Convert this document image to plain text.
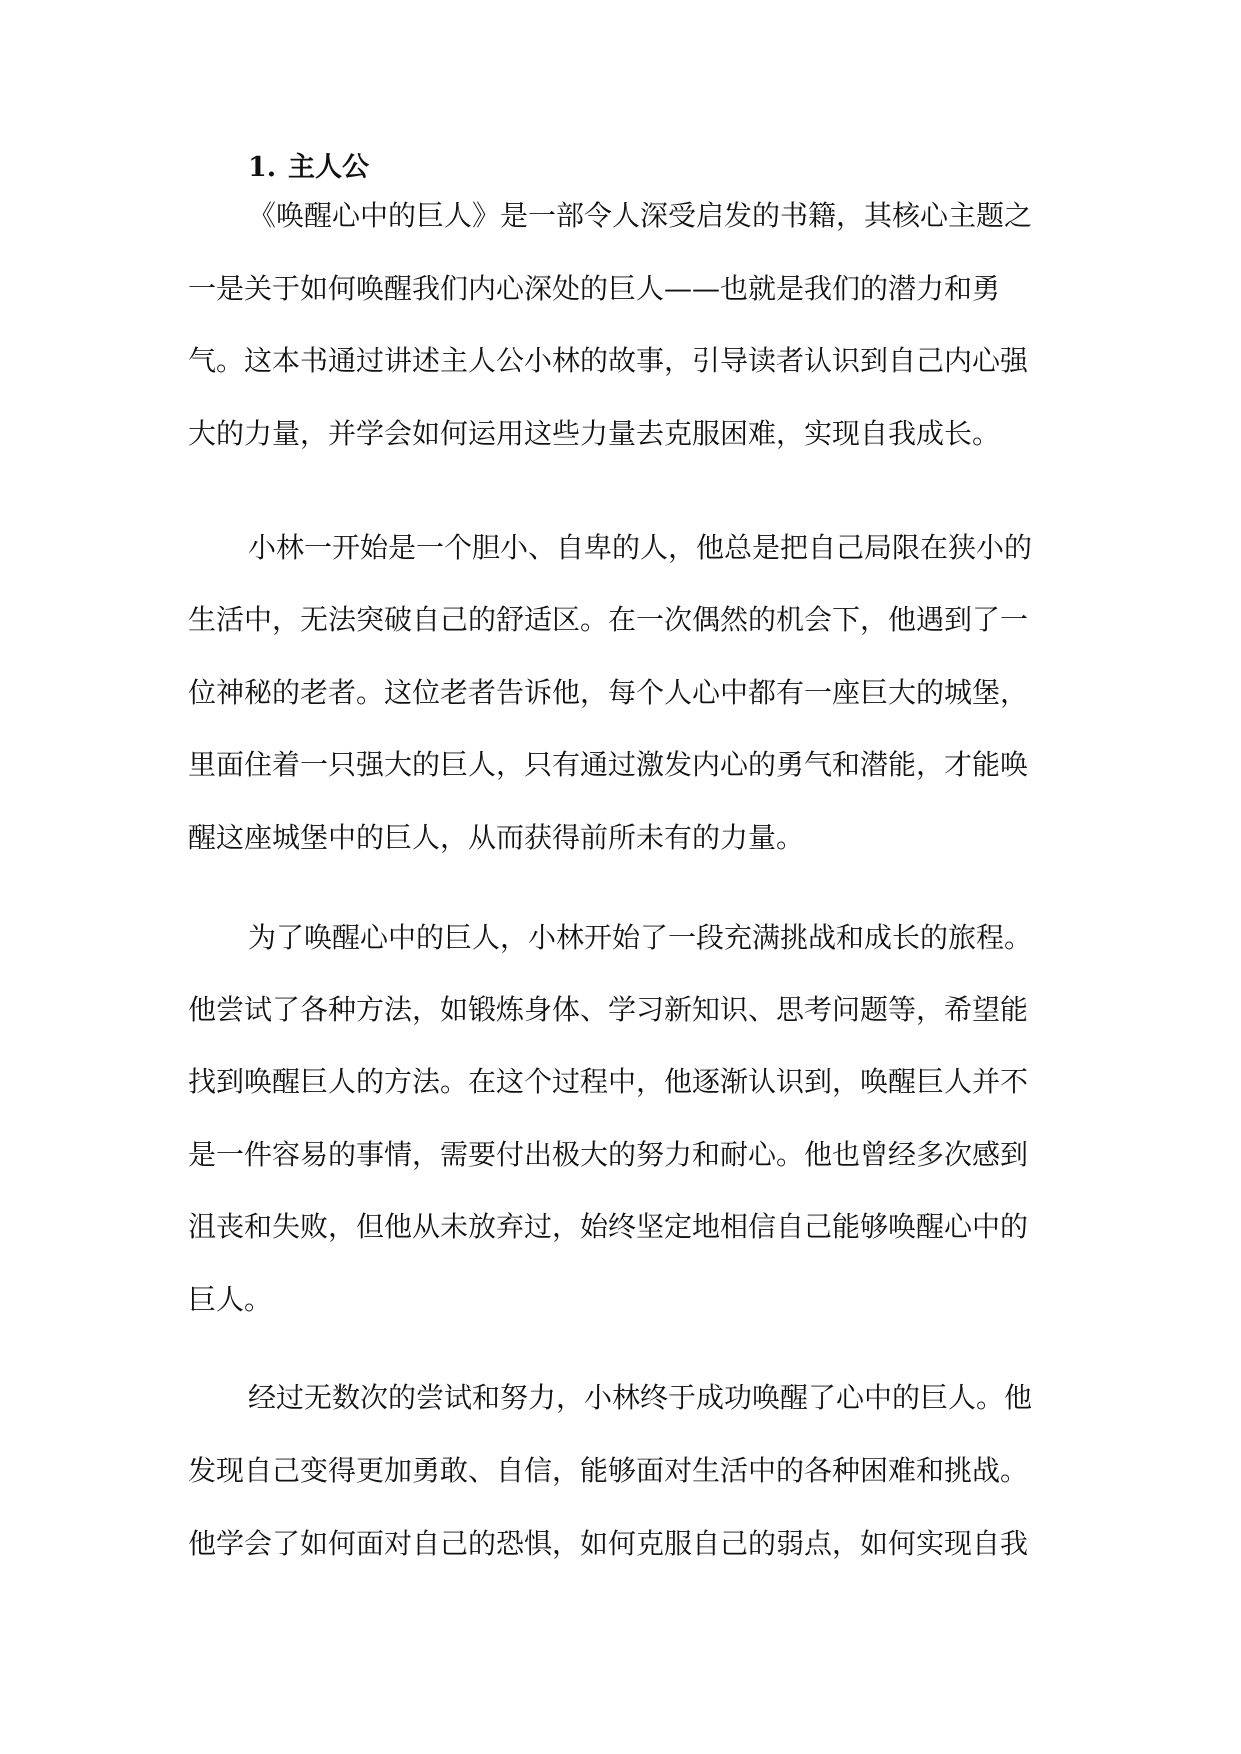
1. 主人公
《唤醒心中的巨人》是一部令人深受启发的书籍，其核心主题之
一是关于如何唤醒我们内心深处的巨人——也就是我们的潜力和勇
气。这本书通过讲述主人公小林的故事，引导读者认识到自己内心强
大的力量，并学会如何运用这些力量去克服困难，实现自我成长。
小林一开始是一个胆小、自卑的人，他总是把自己局限在狭小的
生活中，无法突破自己的舒适区。在一次偶然的机会下，他遇到了一
位神秘的老者。这位老者告诉他，每个人心中都有一座巨大的城堡，
里面住着一只强大的巨人，只有通过激发内心的勇气和潜能，才能唤
醒这座城堡中的巨人，从而获得前所未有的力量。
为了唤醒心中的巨人，小林开始了一段充满挑战和成长的旅程。
他尝试了各种方法，如锻炼身体、学习新知识、思考问题等，希望能
找到唤醒巨人的方法。在这个过程中，他逐渐认识到，唤醒巨人并不
是一件容易的事情，需要付出极大的努力和耐心。他也曾经多次感到
沮丧和失败，但他从未放弃过，始终坚定地相信自己能够唤醒心中的
巨人。
经过无数次的尝试和努力，小林终于成功唤醒了心中的巨人。他
发现自己变得更加勇敢、自信，能够面对生活中的各种困难和挑战。
他学会了如何面对自己的恐惧，如何克服自己的弱点，如何实现自我
